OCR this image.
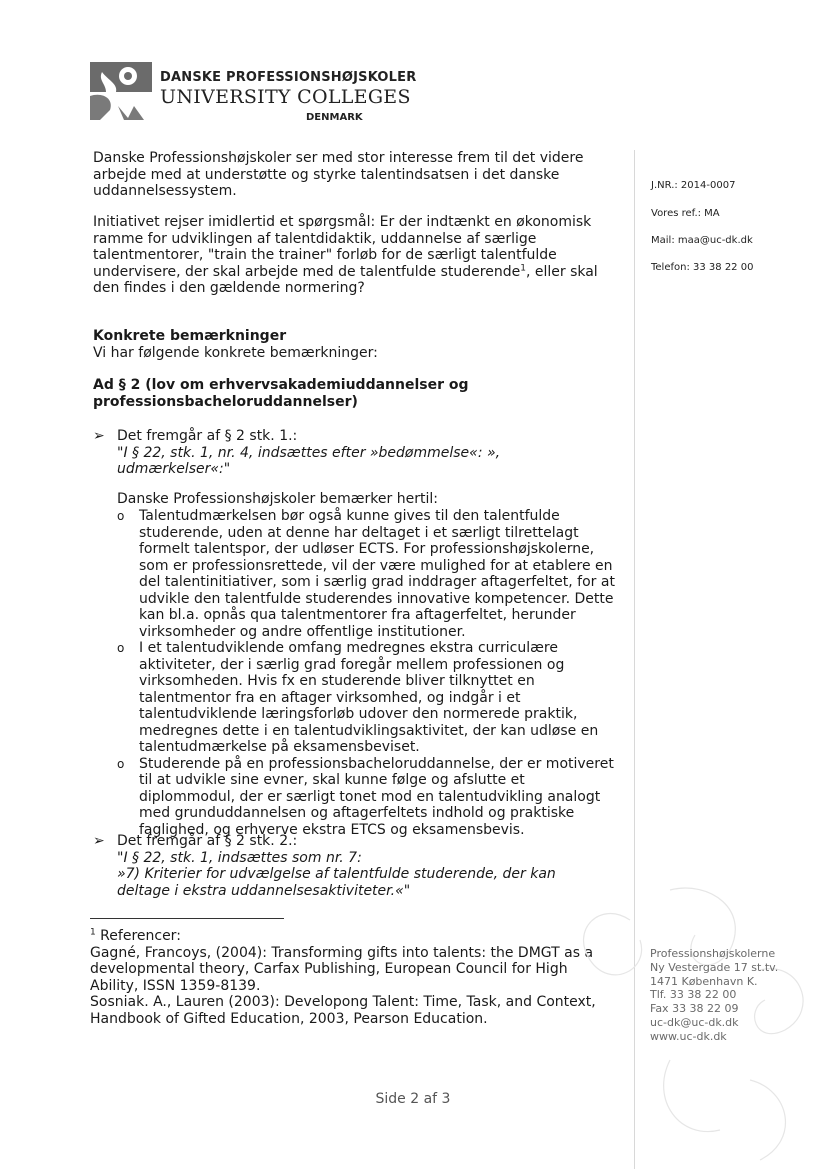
DANSKE PROFESSIONSHØJSKOLER
UNIVERSITY COLLEGES
DENMARK
J.NR.: 2014-0007
Vores ref.: MA
Mail: maa@uc-dk.dk
Telefon: 33 38 22 00

Danske Professionshøjskoler ser med stor interesse frem til det videre arbejde med at understøtte og styrke talentindsatsen i det danske uddannelsessystem.

Initiativet rejser imidlertid et spørgsmål: Er der indtænkt en økonomisk ramme for udviklingen af talentdidaktik, uddannelse af særlige talentmentorer, "train the trainer" forløb for de særligt talentfulde undervisere, der skal arbejde med de talentfulde studerende$^1$, eller skal den findes i den gældende normering?

Konkrete bemærkninger

Vi har følgende konkrete bemærkninger:

Ad § 2 (lov om erhvervsakademiuddannelser og professionsbacheloruddannelser)

➢ Det fremgår af § 2 stk. 1.:

"I § 22, stk. 1, nr. 4, indsættes efter »bedømmelse«: », udmærkelser«:"

Danske Professionshøjskoler bemærker hertil:

o Talentudmærkelsen bør også kunne gives til den talentfulde studerende, uden at denne har deltaget i et særligt tilrettelagt formelt talentspor, der udløser ECTS. For professionshøjskolerne, som er professionsrettede, vil der være mulighed for at etablere en del talentinitiativer, som i særlig grad inddrager aftagerfeltet, for at udvikle den talentfulde studerendes innovative kompetencer. Dette kan bl.a. opnås qua talentmentorer fra aftagerfeltet, herunder virksomheder og andre offentlige institutioner.
o I et talentudviklende omfang medregnes ekstra curriculære aktiviteter, der i særlig grad foregår mellem professionen og virksomheden. Hvis fx en studerende bliver tilknyttet en talentmentor fra en aftager virksomhed, og indgår i et talentudviklende læringsforløb udover den normerede praktik, medregnes dette i en talentudviklingsaktivitet, der kan udløse en talentudmærkelse på eksamensbeviset.
o Studerende på en professionsbacheloruddannelse, der er motiveret til at udvikle sine evner, skal kunne følge og afslutte et diplommodul, der er særligt tonet mod en talentudvikling analogt med grunduddannelsen og aftagerfeltets indhold og praktiske faglighed, og erhverve ekstra ETCS og eksamensbevis.
➢ Det fremgår af § 2 stk. 2.:

"I § 22, stk. 1, indsættes som nr. 7:

»7) Kriterier for udvælgelse af talentfulde studerende, der kan deltage i ekstra uddannelsesaktiviteter.«"

$^1$ Referencer:

Gagné, Francoys, (2004): Transforming gifts into talents: the DMGT as a developmental theory, Carfax Publishing, European Council for High Ability, ISSN 1359-8139.

Sosniak. A., Lauren (2003): Developong Talent: Time, Task, and Context, Handbook of Gifted Education, 2003, Pearson Education.

Professionshøjskolerne
Ny Vestergade 17 st.tv.
1471 København K.
Tlf. 33 38 22 00
Fax 33 38 22 09
uc-dk@uc-dk.dk
www.uc-dk.dk
Side 2 af 3
